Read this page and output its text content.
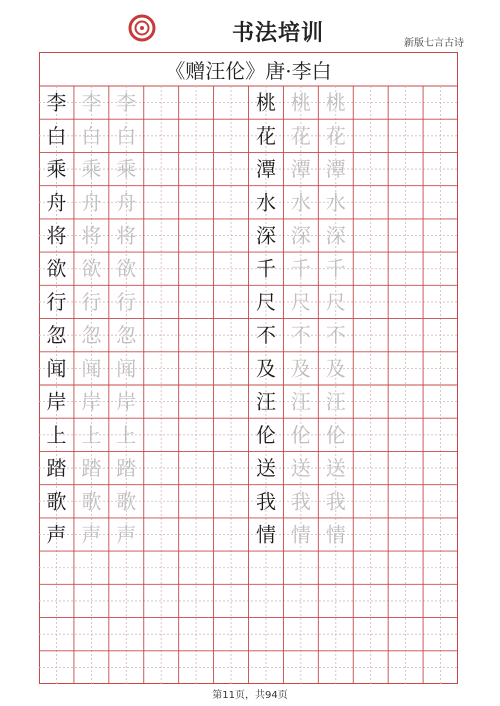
书法培训	新版七言古诗
《赠汪伦》唐·李白
李 李 李
白 白 白
乘 乘 乘
舟 舟 舟
将 将 将
欲 欲 欲
行 行 行
忽 忽 忽
闻 闻 闻
岸 岸 岸
上 上 上
踏 踏 踏
歌 歌 歌
声 声 声
桃 桃 桃
花 花 花
潭 潭 潭
水 水 水
深 深 深
千 千 千
尺 尺 尺
不 不 不
及 及 及
汪 汪 汪
伦 伦 伦
送 送 送
我 我 我
情 情 情
第11页，共94页
